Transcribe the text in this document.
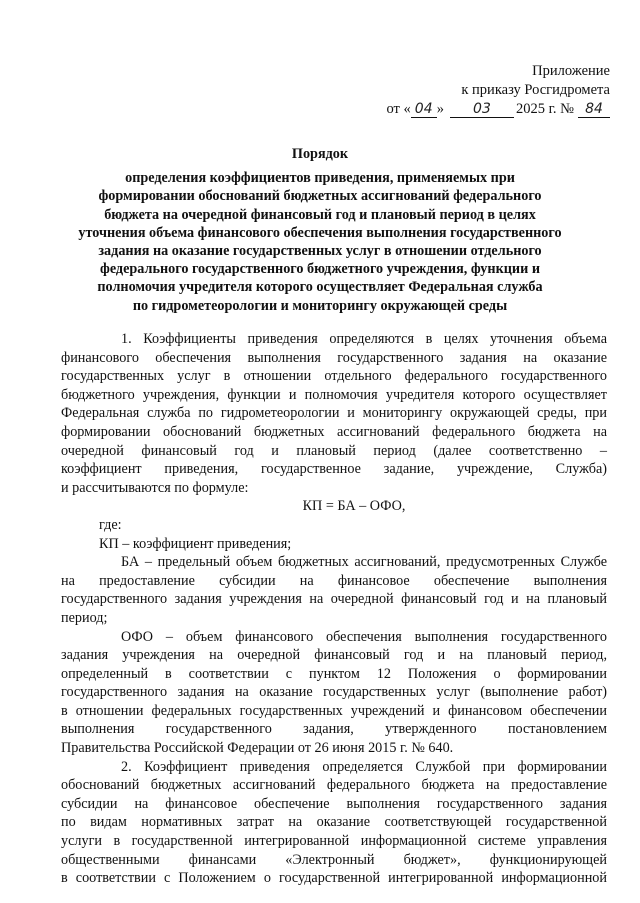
Приложение
к приказу Росгидромета
от « 04 » 03 2025 г. № 84
Порядок
определения коэффициентов приведения, применяемых при
формировании обоснований бюджетных ассигнований федерального
бюджета на очередной финансовый год и плановый период в целях
уточнения объема финансового обеспечения выполнения государственного
задания на оказание государственных услуг в отношении отдельного
федерального государственного бюджетного учреждения, функции и
полномочия учредителя которого осуществляет Федеральная служба
по гидрометеорологии и мониторингу окружающей среды
1. Коэффициенты приведения определяются в целях уточнения объема
финансового обеспечения выполнения государственного задания на оказание
государственных услуг в отношении отдельного федерального государственного
бюджетного учреждения, функции и полномочия учредителя которого осуществляет
Федеральная служба по гидрометеорологии и мониторингу окружающей среды, при
формировании обоснований бюджетных ассигнований федерального бюджета на
очередной финансовый год и плановый период (далее соответственно –
коэффициент приведения, государственное задание, учреждение, Служба)
и рассчитываются по формуле:
КП = БА – ОФО,
где:
КП – коэффициент приведения;
БА – предельный объем бюджетных ассигнований, предусмотренных Службе
на предоставление субсидии на финансовое обеспечение выполнения
государственного задания учреждения на очередной финансовый год и на плановый
период;
ОФО – объем финансового обеспечения выполнения государственного
задания учреждения на очередной финансовый год и на плановый период,
определенный в соответствии с пунктом 12 Положения о формировании
государственного задания на оказание государственных услуг (выполнение работ)
в отношении федеральных государственных учреждений и финансовом обеспечении
выполнения государственного задания, утвержденного постановлением
Правительства Российской Федерации от 26 июня 2015 г. № 640.
2. Коэффициент приведения определяется Службой при формировании
обоснований бюджетных ассигнований федерального бюджета на предоставление
субсидии на финансовое обеспечение выполнения государственного задания
по видам нормативных затрат на оказание соответствующей государственной
услуги в государственной интегрированной информационной системе управления
общественными финансами «Электронный бюджет», функционирующей
в соответствии с Положением о государственной интегрированной информационной
